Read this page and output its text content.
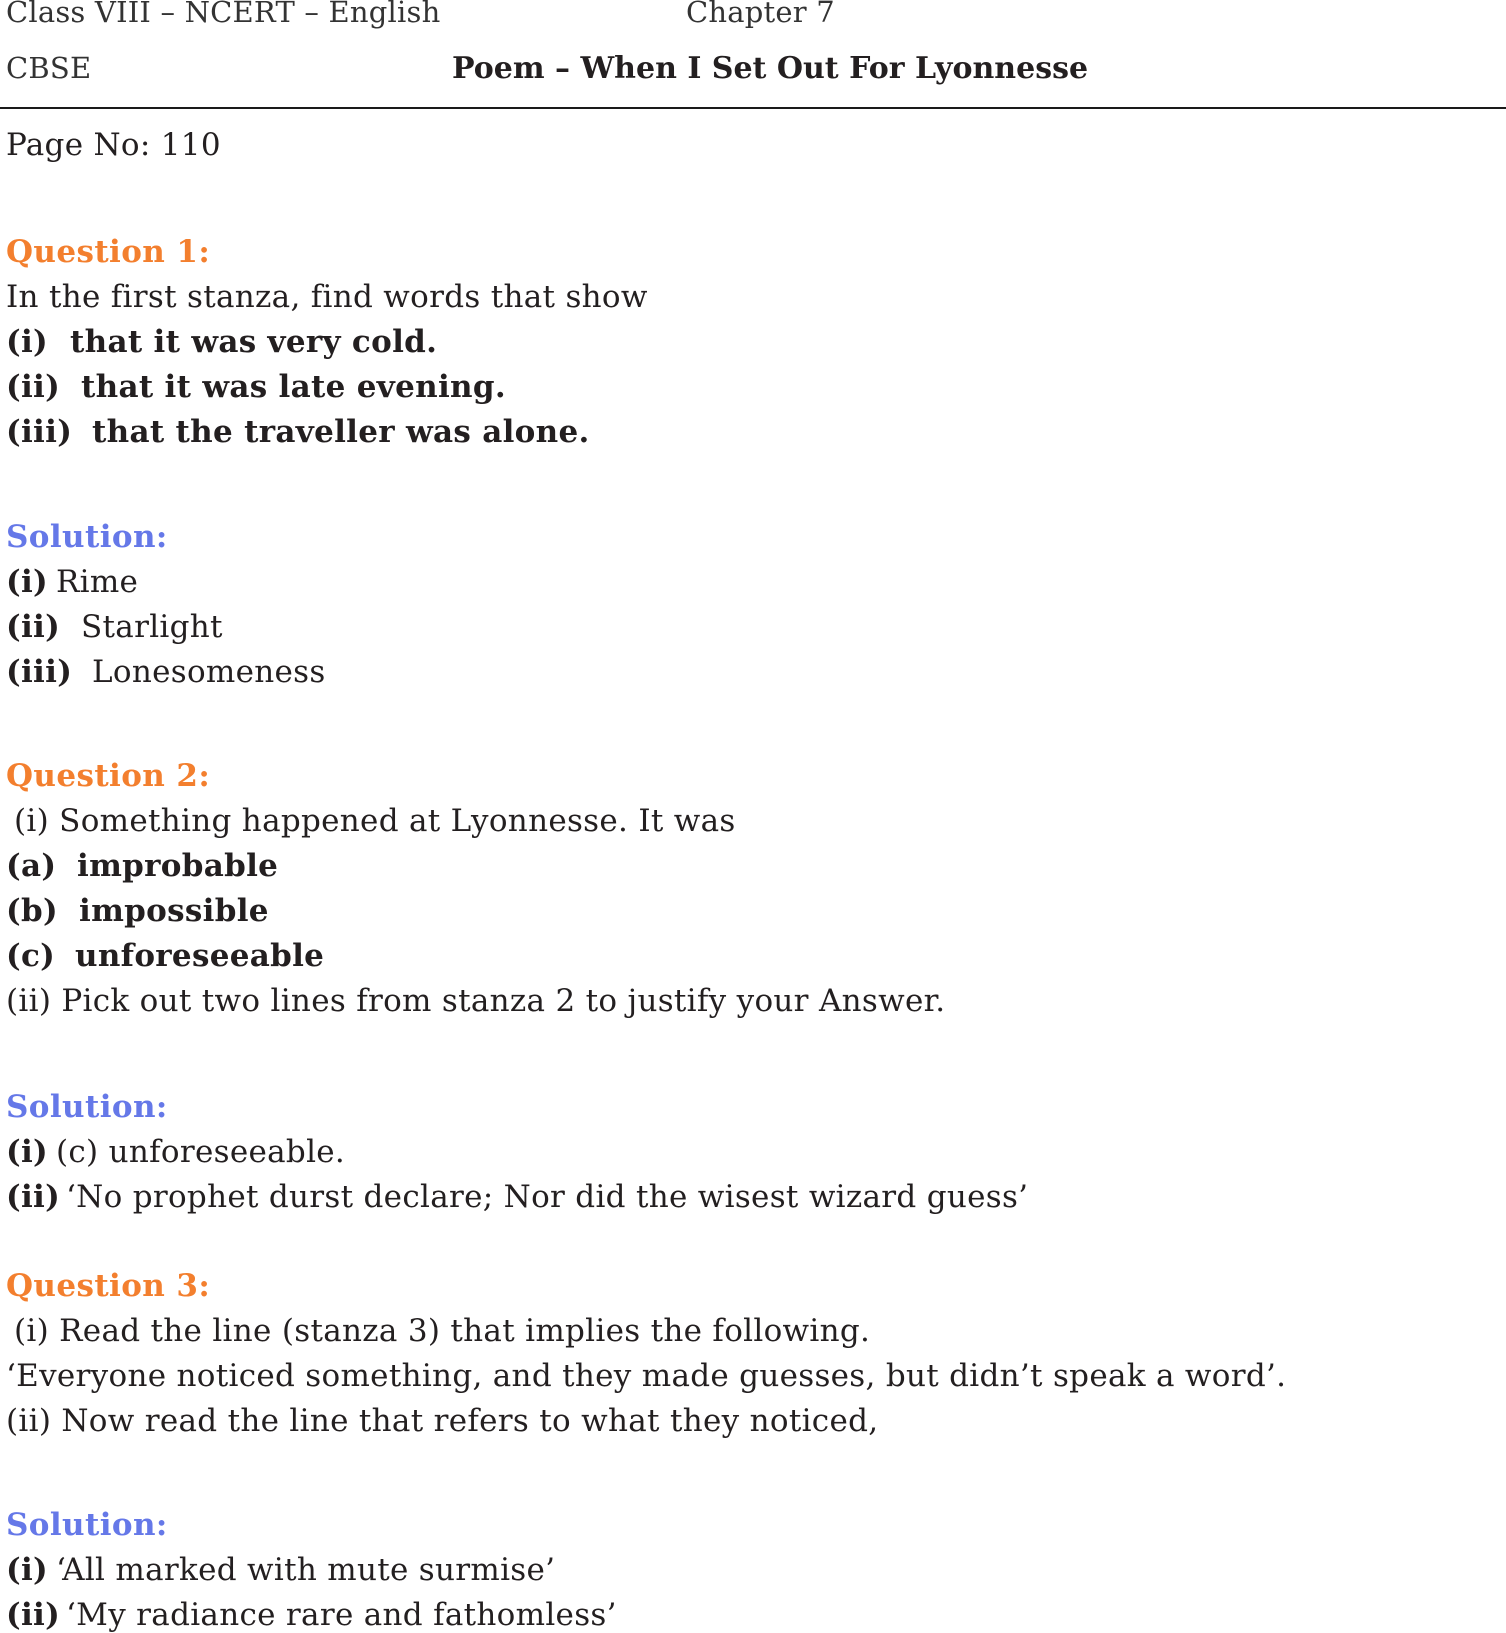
Class VIII – NCERT – English	Chapter 7
CBSE	Poem – When I Set Out For Lyonnesse
Page No: 110
Question 1:
In the first stanza, find words that show
(i) that it was very cold.
(ii) that it was late evening.
(iii) that the traveller was alone.
Solution:
(i) Rime
(ii) Starlight
(iii) Lonesomeness
Question 2:
(i) Something happened at Lyonnesse. It was
(a) improbable
(b) impossible
(c) unforeseeable
(ii) Pick out two lines from stanza 2 to justify your Answer.
Solution:
(i) (c) unforeseeable.
(ii) ‘No prophet durst declare; Nor did the wisest wizard guess’
Question 3:
(i) Read the line (stanza 3) that implies the following.
‘Everyone noticed something, and they made guesses, but didn’t speak a word’.
(ii) Now read the line that refers to what they noticed,
Solution:
(i) ‘All marked with mute surmise’
(ii) ‘My radiance rare and fathomless’
